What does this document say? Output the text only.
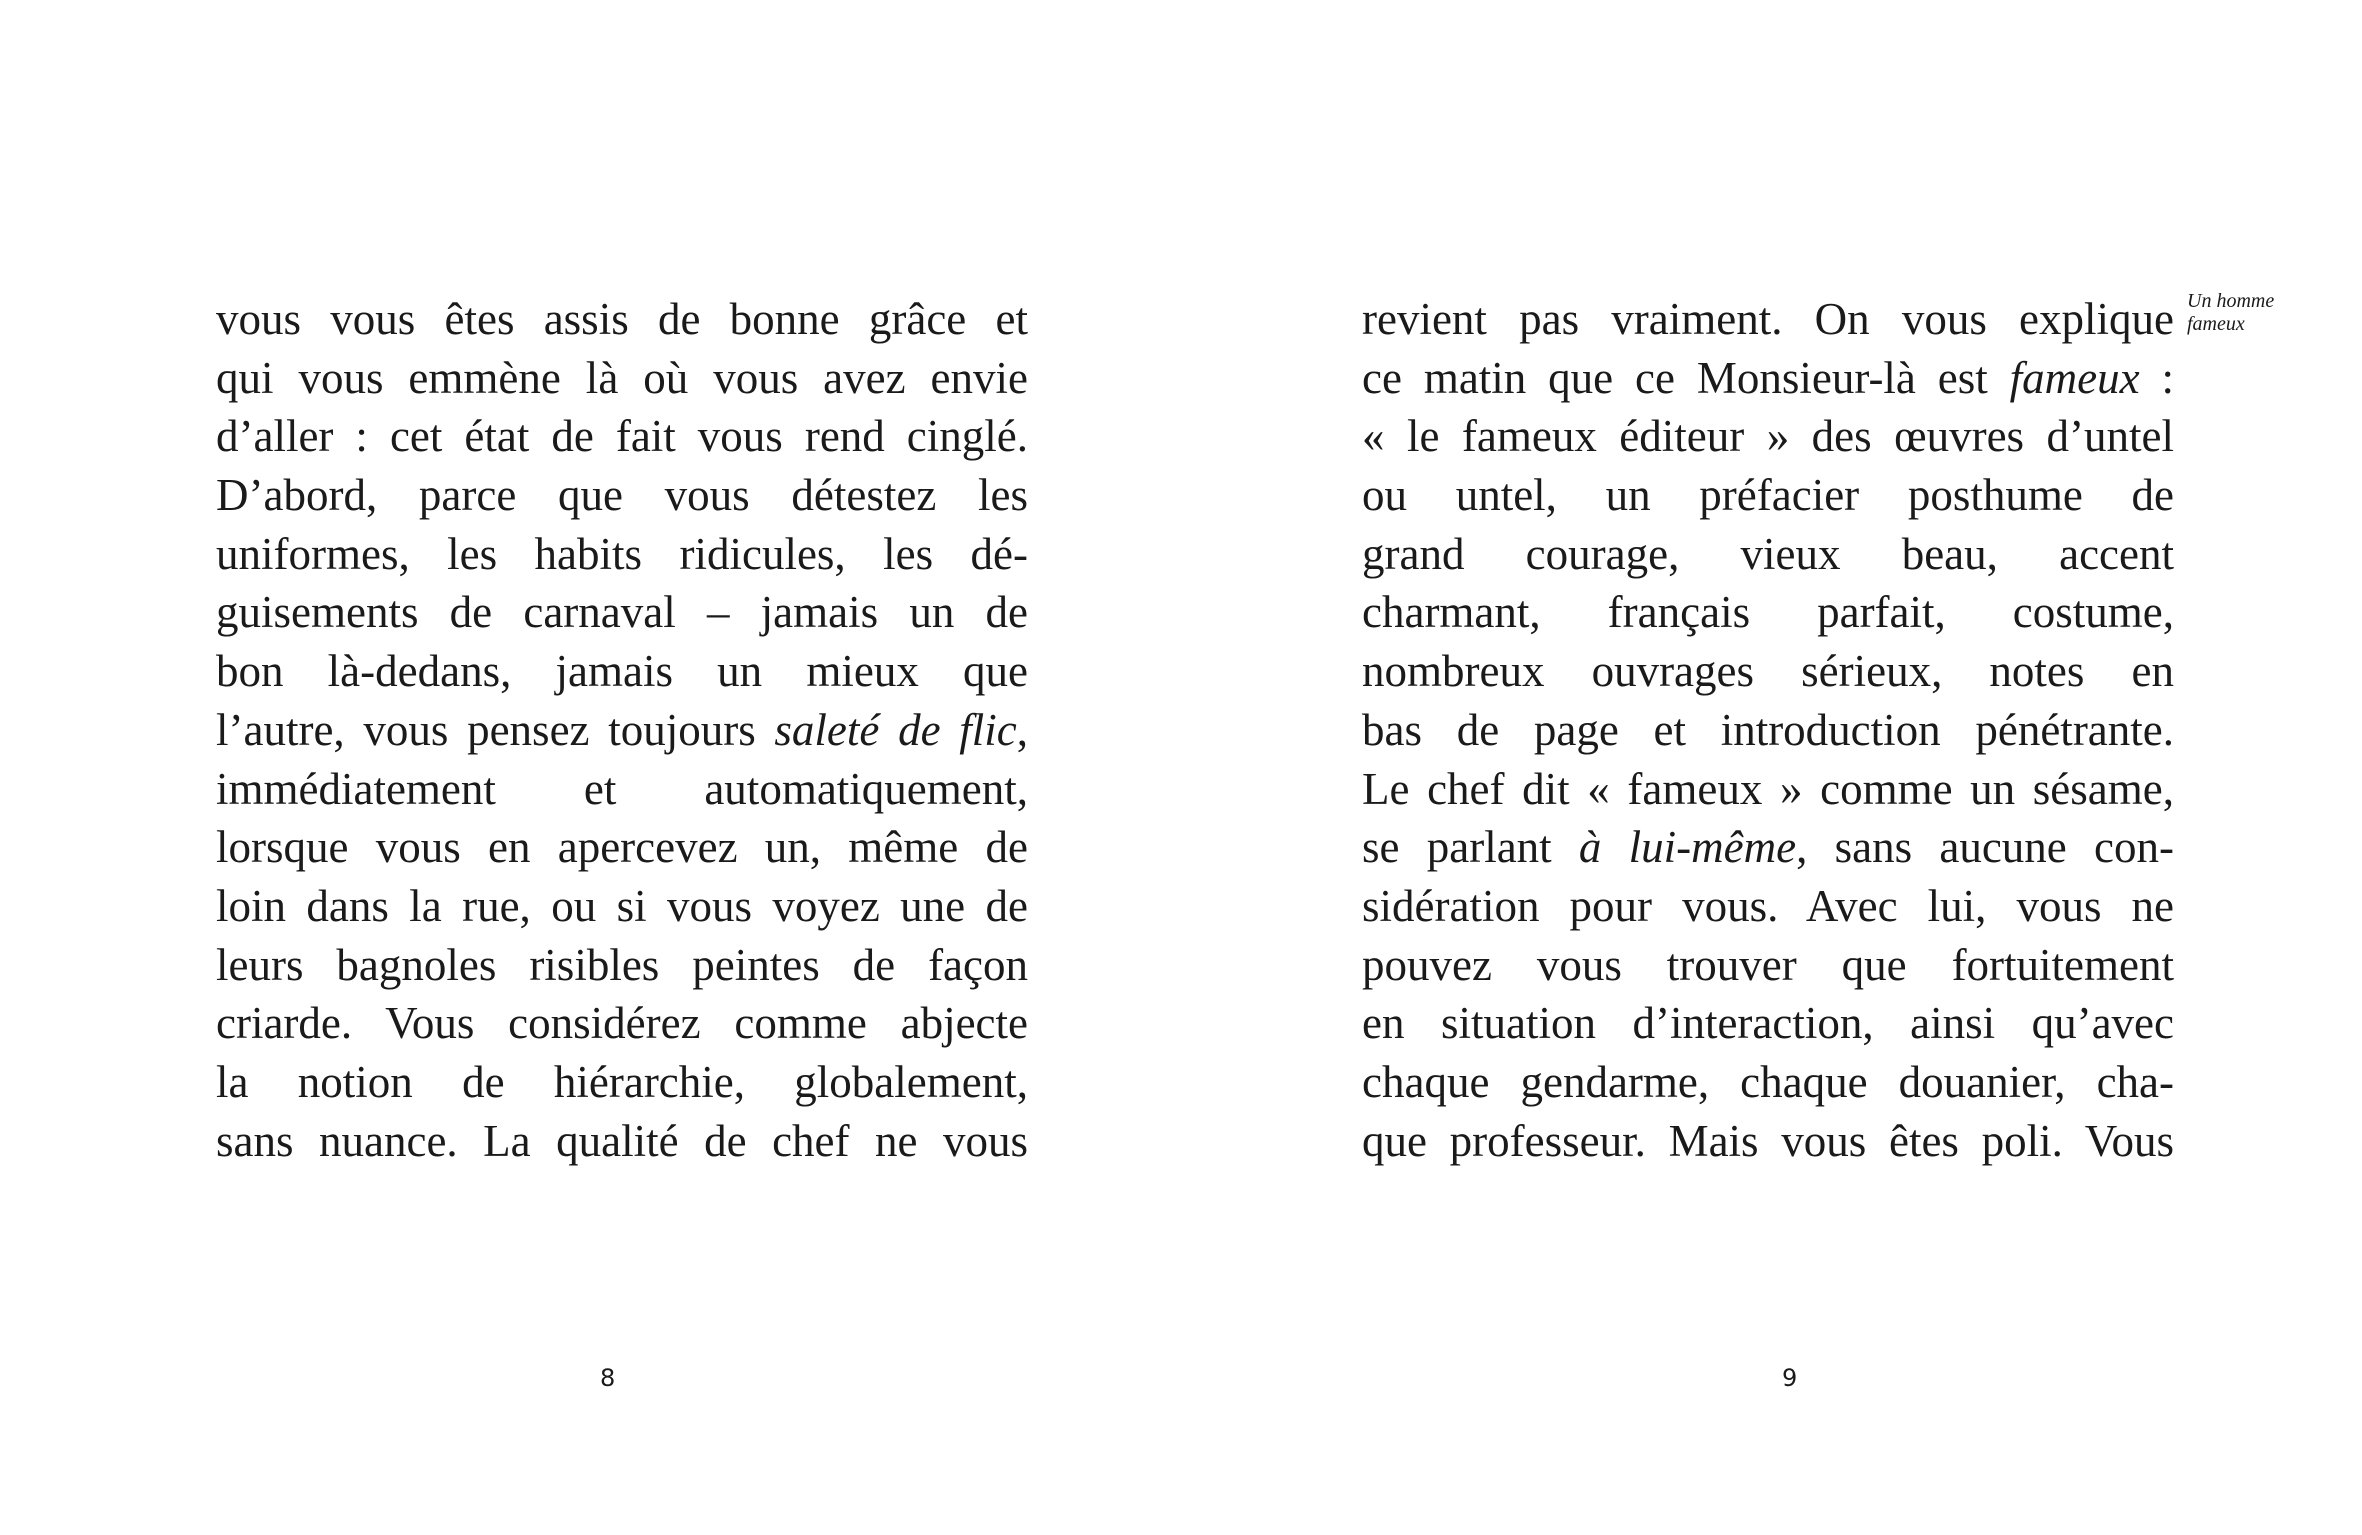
vous vous êtes assis de bonne grâce et
qui vous emmène là où vous avez envie
d’aller : cet état de fait vous rend cinglé.
D’abord, parce que vous détestez les
uniformes, les habits ridicules, les dé-
guisements de carnaval – jamais un de
bon là-dedans, jamais un mieux que
l’autre, vous pensez toujours saleté de flic,
immédiatement et automatiquement,
lorsque vous en apercevez un, même de
loin dans la rue, ou si vous voyez une de
leurs bagnoles risibles peintes de façon
criarde. Vous considérez comme abjecte
la notion de hiérarchie, globalement,
sans nuance. La qualité de chef ne vous
8
revient pas vraiment. On vous explique
ce matin que ce Monsieur-là est fameux :
« le fameux éditeur » des œuvres d’untel
ou untel, un préfacier posthume de
grand courage, vieux beau, accent
charmant, français parfait, costume,
nombreux ouvrages sérieux, notes en
bas de page et introduction pénétrante.
Le chef dit « fameux » comme un sésame,
se parlant à lui-même, sans aucune con-
sidération pour vous. Avec lui, vous ne
pouvez vous trouver que fortuitement
en situation d’interaction, ainsi qu’avec
chaque gendarme, chaque douanier, cha-
que professeur. Mais vous êtes poli. Vous
Un homme
fameux
9
